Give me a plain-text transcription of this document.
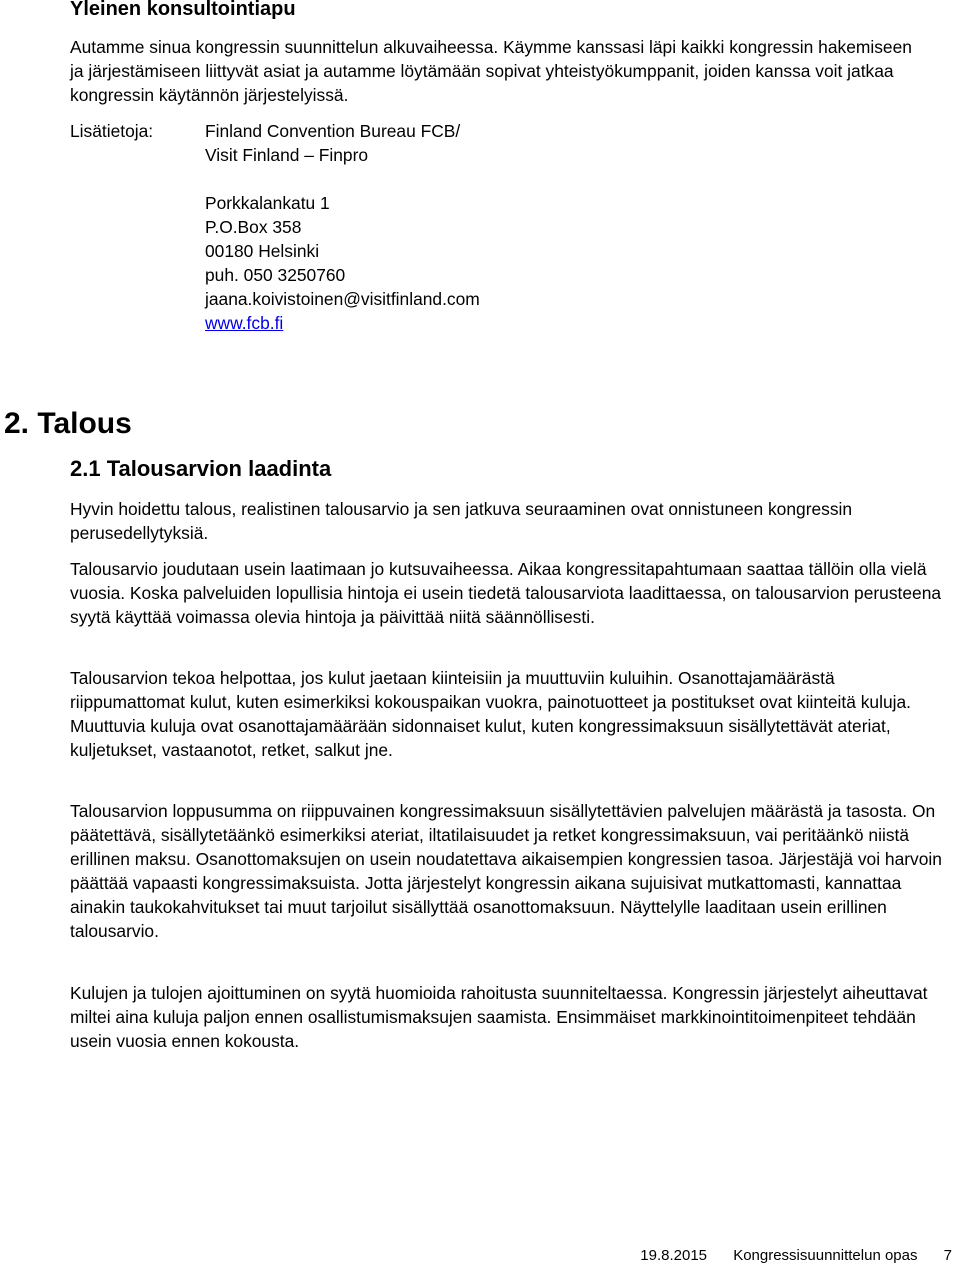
Yleinen konsultointiapu

Autamme sinua kongressin suunnittelun alkuvaiheessa. Käymme kanssasi läpi kaikki kongressin hakemiseen ja järjestämiseen liittyvät asiat ja autamme löytämään sopivat yhteistyökumppanit, joiden kanssa voit jatkaa kongressin käytännön järjestelyissä.

Lisätietoja:	Finland Convention Bureau FCB/
Visit Finland – Finpro
Porkkalankatu 1
P.O.Box 358
00180 Helsinki
puh. 050 3250760
jaana.koivistoinen@visitfinland.com
www.fcb.fi
2. Talous
2.1 Talousarvion laadinta

Hyvin hoidettu talous, realistinen talousarvio ja sen jatkuva seuraaminen ovat onnistuneen kongressin perusedellytyksiä.

Talousarvio joudutaan usein laatimaan jo kutsuvaiheessa. Aikaa kongressitapahtumaan saattaa tällöin olla vielä vuosia. Koska palveluiden lopullisia hintoja ei usein tiedetä talousarviota laadittaessa, on talousarvion perusteena syytä käyttää voimassa olevia hintoja ja päivittää niitä säännöllisesti.

Talousarvion tekoa helpottaa, jos kulut jaetaan kiinteisiin ja muuttuviin kuluihin. Osanottajamäärästä riippumattomat kulut, kuten esimerkiksi kokouspaikan vuokra, painotuotteet ja postitukset ovat kiinteitä kuluja. Muuttuvia kuluja ovat osanottajamäärään sidonnaiset kulut, kuten kongressimaksuun sisällytettävät ateriat, kuljetukset, vastaanotot, retket, salkut jne.

Talousarvion loppusumma on riippuvainen kongressimaksuun sisällytettävien palvelujen määrästä ja tasosta. On päätettävä, sisällytetäänkö esimerkiksi ateriat, iltatilaisuudet ja retket kongressimaksuun, vai peritäänkö niistä erillinen maksu. Osanottomaksujen on usein noudatettava aikaisempien kongressien tasoa. Järjestäjä voi harvoin päättää vapaasti kongressimaksuista. Jotta järjestelyt kongressin aikana sujuisivat mutkattomasti, kannattaa ainakin taukokahvitukset tai muut tarjoilut sisällyttää osanottomaksuun. Näyttelylle laaditaan usein erillinen talousarvio.

Kulujen ja tulojen ajoittuminen on syytä huomioida rahoitusta suunniteltaessa. Kongressin järjestelyt aiheuttavat miltei aina kuluja paljon ennen osallistumismaksujen saamista. Ensimmäiset markkinointitoimenpiteet tehdään usein vuosia ennen kokousta.

19.8.2015 Kongressisuunnittelun opas 7
